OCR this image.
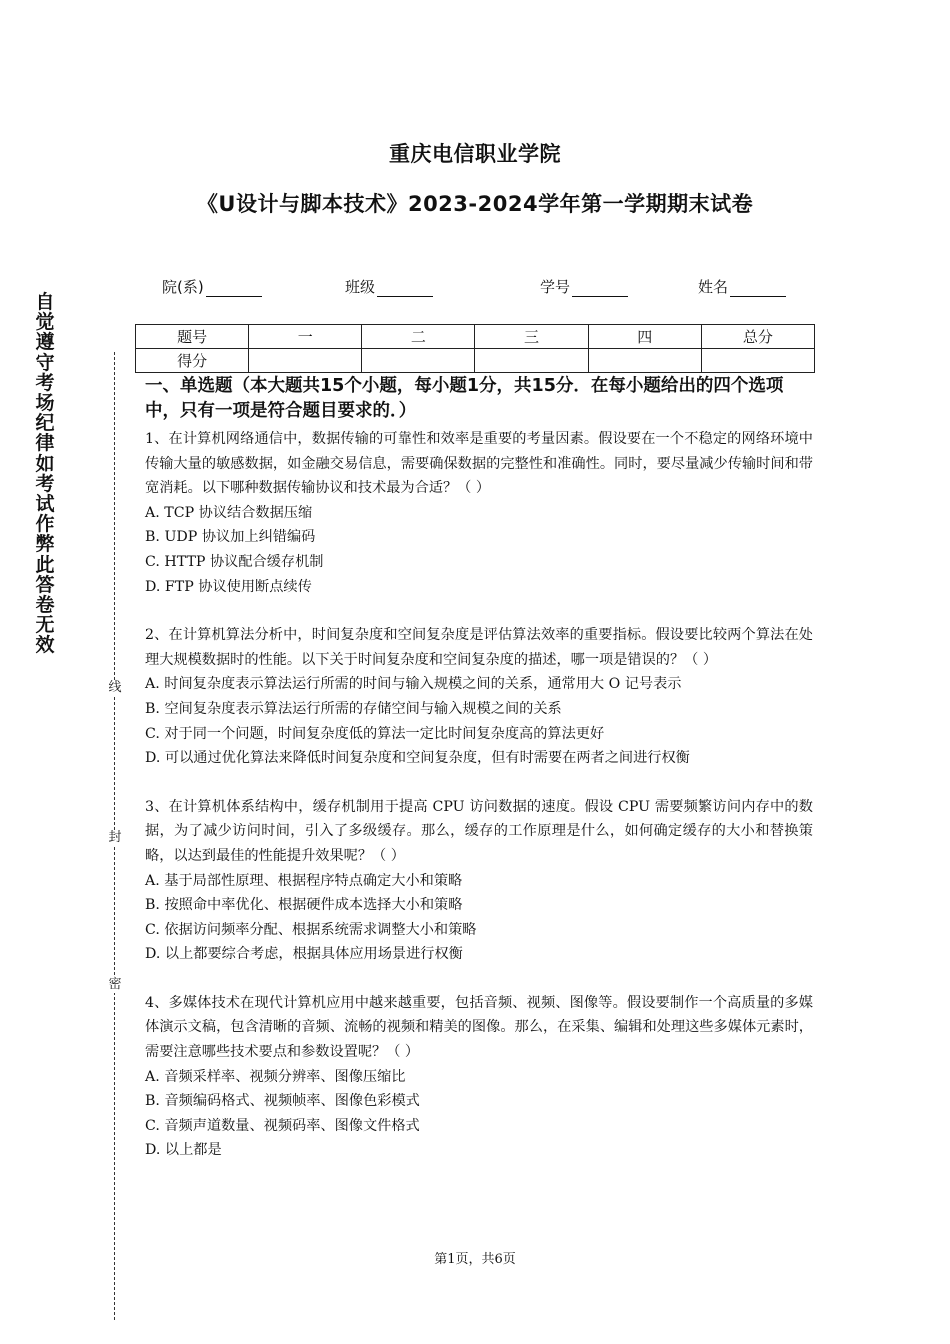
重庆电信职业学院
《U设计与脚本技术》2023-2024学年第一学期期末试卷
院(系)	班级	学号	姓名
题号	一	二	三	四	总分
得分					
自觉遵守考场纪律如考试作弊此答卷无效
线
封
密
一、单选题（本大题共15个小题，每小题1分，共15分．在每小题给出的四个选项中，只有一项是符合题目要求的．）
1、在计算机网络通信中，数据传输的可靠性和效率是重要的考量因素。假设要在一个不稳定的网络环境中传输大量的敏感数据，如金融交易信息，需要确保数据的完整性和准确性。同时，要尽量减少传输时间和带宽消耗。以下哪种数据传输协议和技术最为合适？（ ）
A. TCP 协议结合数据压缩
B. UDP 协议加上纠错编码
C. HTTP 协议配合缓存机制
D. FTP 协议使用断点续传
2、在计算机算法分析中，时间复杂度和空间复杂度是评估算法效率的重要指标。假设要比较两个算法在处理大规模数据时的性能。以下关于时间复杂度和空间复杂度的描述，哪一项是错误的？（ ）
A. 时间复杂度表示算法运行所需的时间与输入规模之间的关系，通常用大 O 记号表示
B. 空间复杂度表示算法运行所需的存储空间与输入规模之间的关系
C. 对于同一个问题，时间复杂度低的算法一定比时间复杂度高的算法更好
D. 可以通过优化算法来降低时间复杂度和空间复杂度，但有时需要在两者之间进行权衡
3、在计算机体系结构中，缓存机制用于提高 CPU 访问数据的速度。假设 CPU 需要频繁访问内存中的数据，为了减少访问时间，引入了多级缓存。那么，缓存的工作原理是什么，如何确定缓存的大小和替换策略，以达到最佳的性能提升效果呢？（ ）
A. 基于局部性原理、根据程序特点确定大小和策略
B. 按照命中率优化、根据硬件成本选择大小和策略
C. 依据访问频率分配、根据系统需求调整大小和策略
D. 以上都要综合考虑，根据具体应用场景进行权衡
4、多媒体技术在现代计算机应用中越来越重要，包括音频、视频、图像等。假设要制作一个高质量的多媒体演示文稿，包含清晰的音频、流畅的视频和精美的图像。那么，在采集、编辑和处理这些多媒体元素时，需要注意哪些技术要点和参数设置呢？（ ）
A. 音频采样率、视频分辨率、图像压缩比
B. 音频编码格式、视频帧率、图像色彩模式
C. 音频声道数量、视频码率、图像文件格式
D. 以上都是
第1页，共6页
